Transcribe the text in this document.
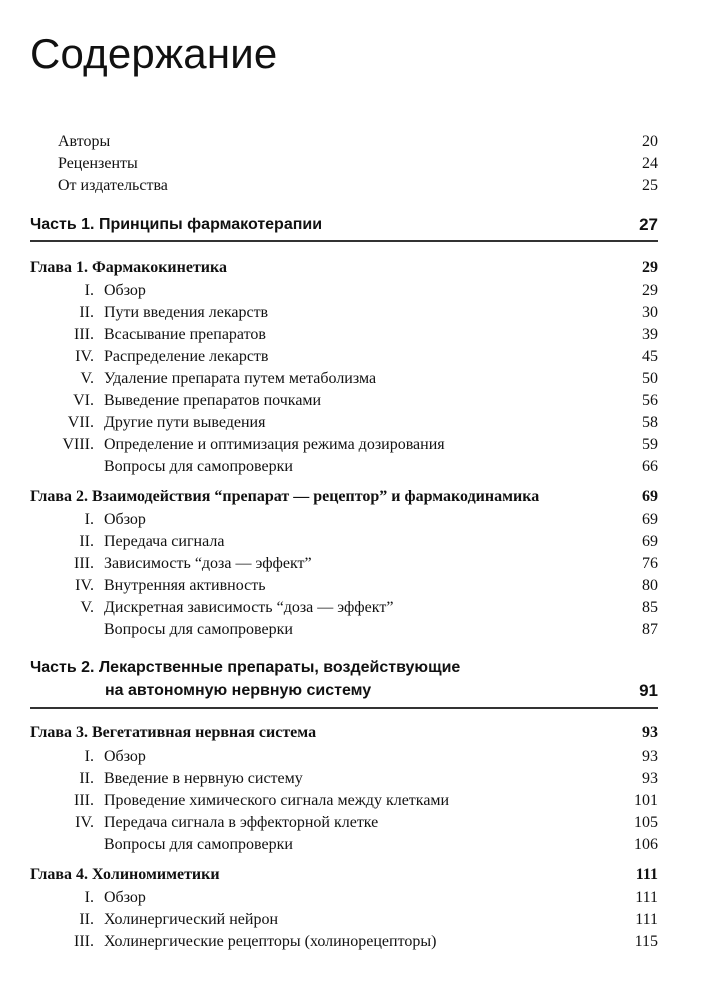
Содержание
Авторы	20
Рецензенты	24
От издательства	25
Часть 1. Принципы фармакотерапии	27
Глава 1. Фармакокинетика	29
I. Обзор	29
II. Пути введения лекарств	30
III. Всасывание препаратов	39
IV. Распределение лекарств	45
V. Удаление препарата путем метаболизма	50
VI. Выведение препаратов почками	56
VII. Другие пути выведения	58
VIII. Определение и оптимизация режима дозирования	59
Вопросы для самопроверки	66
Глава 2. Взаимодействия “препарат — рецептор” и фармакодинамика	69
I. Обзор	69
II. Передача сигнала	69
III. Зависимость “доза — эффект”	76
IV. Внутренняя активность	80
V. Дискретная зависимость “доза — эффект”	85
Вопросы для самопроверки	87
Часть 2. Лекарственные препараты, воздействующие
на автономную нервную систему	91
Глава 3. Вегетативная нервная система	93
I. Обзор	93
II. Введение в нервную систему	93
III. Проведение химического сигнала между клетками	101
IV. Передача сигнала в эффекторной клетке	105
Вопросы для самопроверки	106
Глава 4. Холиномиметики	111
I. Обзор	111
II. Холинергический нейрон	111
III. Холинергические рецепторы (холинорецепторы)	115
